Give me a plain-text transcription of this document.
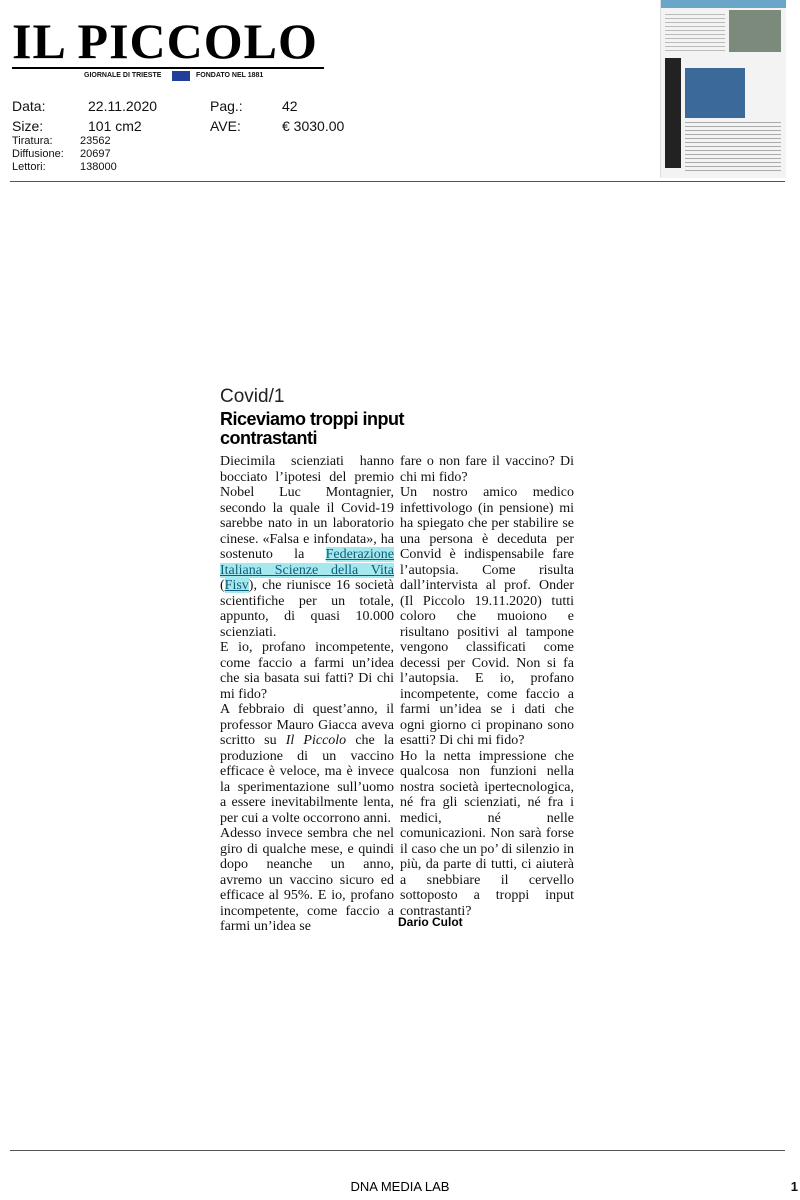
IL PICCOLO
GIORNALE DI TRIESTE	FONDATO NEL 1881
Data:	22.11.2020	Pag.:	42
Size:	101 cm2	AVE:	€ 3030.00
Tiratura: 23562
Diffusione: 20697
Lettori:	138000
Covid/1
Riceviamo troppi input contrastanti

Diecimila scienziati hanno bocciato l’ipotesi del premio Nobel Luc Montagnier, secondo la quale il Covid-19 sarebbe nato in un laboratorio cinese. «Falsa e infondata», ha sostenuto la Federazione Italiana Scienze della Vita (Fisv), che riunisce 16 società scientifiche per un totale, appunto, di quasi 10.000 scienziati.

E io, profano incompetente, come faccio a farmi un’idea che sia basata sui fatti? Di chi mi fido?

A febbraio di quest’anno, il professor Mauro Giacca aveva scritto su Il Piccolo che la produzione di un vaccino efficace è veloce, ma è invece la sperimentazione sull’uomo a essere inevitabilmente lenta, per cui a volte occorrono anni.

Adesso invece sembra che nel giro di qualche mese, e quindi dopo neanche un anno, avremo un vaccino sicuro ed efficace al 95%. E io, profano incompetente, come faccio a farmi un’idea se

fare o non fare il vaccino? Di chi mi fido?

Un nostro amico medico infettivologo (in pensione) mi ha spiegato che per stabilire se una persona è deceduta per Convid è indispensabile fare l’autopsia. Come risulta dall’intervista al prof. Onder (Il Piccolo 19.11.2020) tutti coloro che muoiono e risultano positivi al tampone vengono classificati come decessi per Covid. Non si fa l’autopsia. E io, profano incompetente, come faccio a farmi un’idea se i dati che ogni giorno ci propinano sono esatti? Di chi mi fido?

Ho la netta impressione che qualcosa non funzioni nella nostra società ipertecnologica, né fra gli scienziati, né fra i medici, né nelle comunicazioni. Non sarà forse il caso che un po’ di silenzio in più, da parte di tutti, ci aiuterà a snebbiare il cervello sottoposto a troppi input contrastanti?

Dario Culot
DNA MEDIA LAB	1
